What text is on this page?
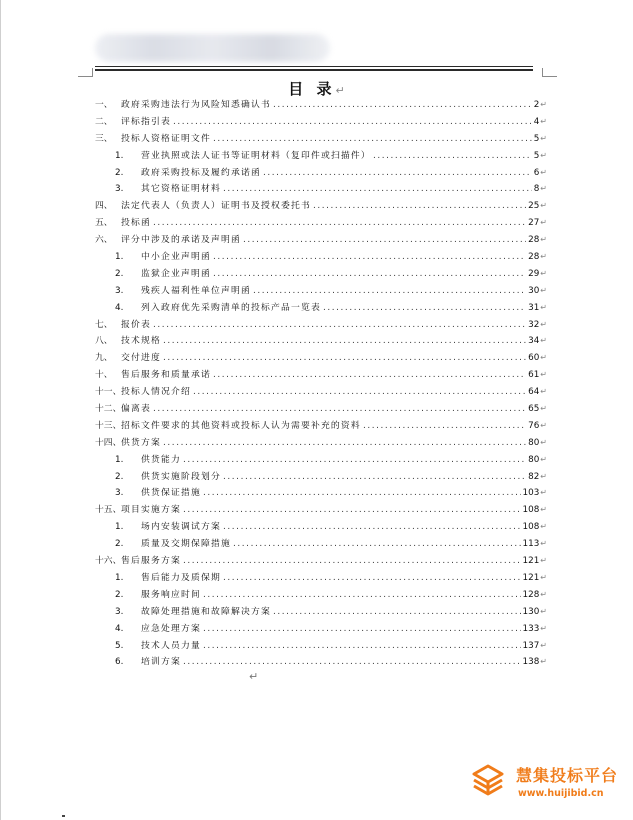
目 录↵
一、 政府采购违法行为风险知悉确认书 .....	2 ↵
二、 评标指引表 .....	4 ↵
三、 投标人资格证明文件 .....	5 ↵
1.	营业执照或法人证书等证明材料（复印件或扫描件） .....	5 ↵
2.	政府采购投标及履约承诺函 .....	6 ↵
3.	其它资格证明材料 .....	8 ↵
四、 法定代表人（负责人）证明书及授权委托书 .....	25 ↵
五、 投标函 .....	27 ↵
六、 评分中涉及的承诺及声明函 .....	28 ↵
1.	中小企业声明函 .....	28 ↵
2.	监狱企业声明函 .....	29 ↵
3.	残疾人福利性单位声明函 .....	30 ↵
4.	列入政府优先采购清单的投标产品一览表 .....	31 ↵
七、 报价表 .....	32 ↵
八、 技术规格 .....	34 ↵
九、 交付进度 .....	60 ↵
十、 售后服务和质量承诺 .....	61 ↵
十一、 投标人情况介绍 .....	64 ↵
十二、 偏离表 .....	65 ↵
十三、 招标文件要求的其他资料或投标人认为需要补充的资料 .....	76 ↵
十四、 供货方案 .....	80 ↵
1.	供货能力 .....	80 ↵
2.	供货实施阶段划分 .....	82 ↵
3.	供货保证措施 .....	103 ↵
十五、 项目实施方案 .....	108 ↵
1.	场内安装调试方案 .....	108 ↵
2.	质量及交期保障措施 .....	113 ↵
十六、 售后服务方案 .....	121 ↵
1.	售后能力及质保期 .....	121 ↵
2.	服务响应时间 .....	128 ↵
3.	故障处理措施和故障解决方案 .....	130 ↵
4.	应急处理方案 .....	133 ↵
5.	技术人员力量 .....	137 ↵
6.	培训方案 .....	138 ↵
↵
慧集投标平台
www.huijibid.cn
